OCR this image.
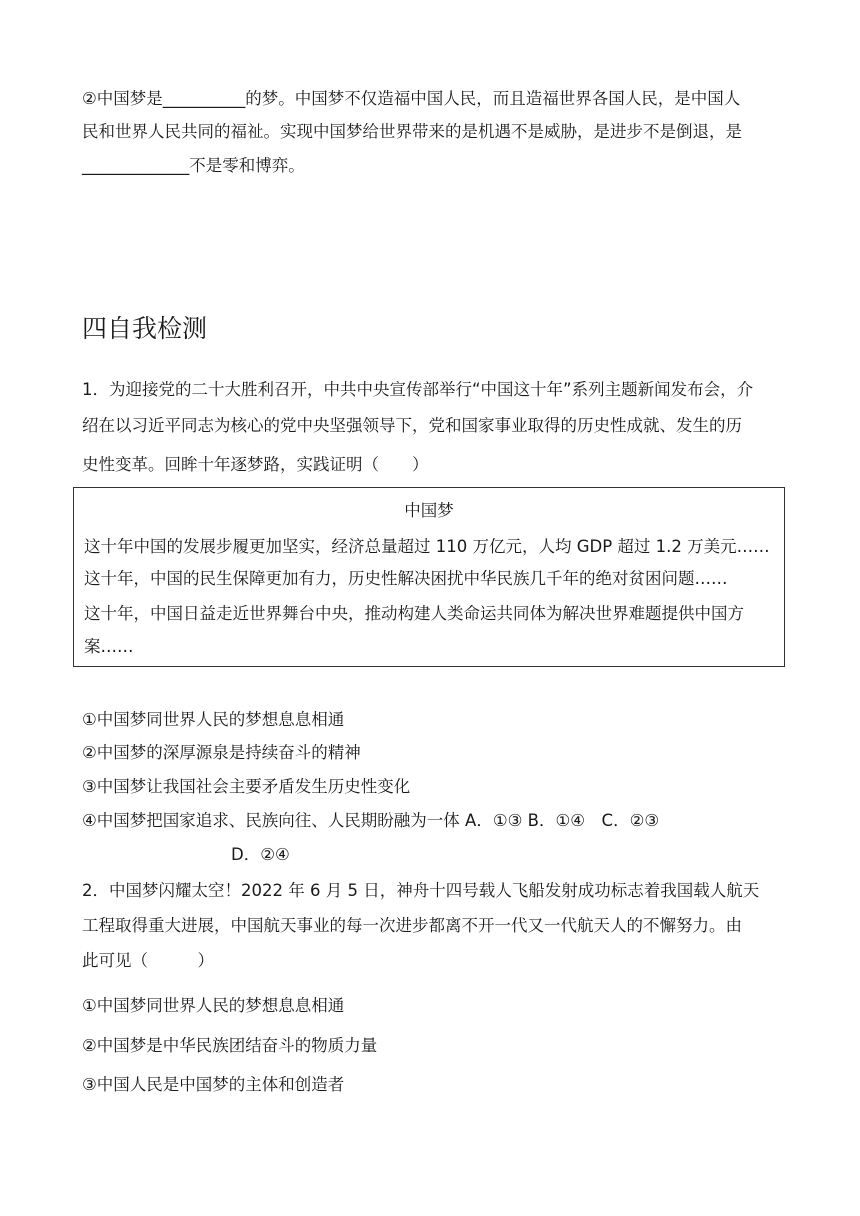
②中国梦是__________的梦。中国梦不仅造福中国人民，而且造福世界各国人民，是中国人
民和世界人民共同的福祉。实现中国梦给世界带来的是机遇不是威胁，是进步不是倒退，是
_____________不是零和博弈。
四自我检测
1．为迎接党的二十大胜利召开，中共中央宣传部举行“中国这十年”系列主题新闻发布会，介
绍在以习近平同志为核心的党中央坚强领导下，党和国家事业取得的历史性成就、发生的历
史性变革。回眸十年逐梦路，实践证明（　　）
中国梦
这十年中国的发展步履更加坚实，经济总量超过 110 万亿元，人均 GDP 超过 1.2 万美元……
这十年，中国的民生保障更加有力，历史性解决困扰中华民族几千年的绝对贫困问题……
这十年，中国日益走近世界舞台中央，推动构建人类命运共同体为解决世界难题提供中国方
案……
①中国梦同世界人民的梦想息息相通
②中国梦的深厚源泉是持续奋斗的精神
③中国梦让我国社会主要矛盾发生历史性变化
④中国梦把国家追求、民族向往、人民期盼融为一体 A．①③ B．①④　C．②③
D．②④
2．中国梦闪耀太空！2022 年 6 月 5 日，神舟十四号载人飞船发射成功标志着我国载人航天
工程取得重大进展，中国航天事业的每一次进步都离不开一代又一代航天人的不懈努力。由
此可见（　　　）
①中国梦同世界人民的梦想息息相通
②中国梦是中华民族团结奋斗的物质力量
③中国人民是中国梦的主体和创造者
